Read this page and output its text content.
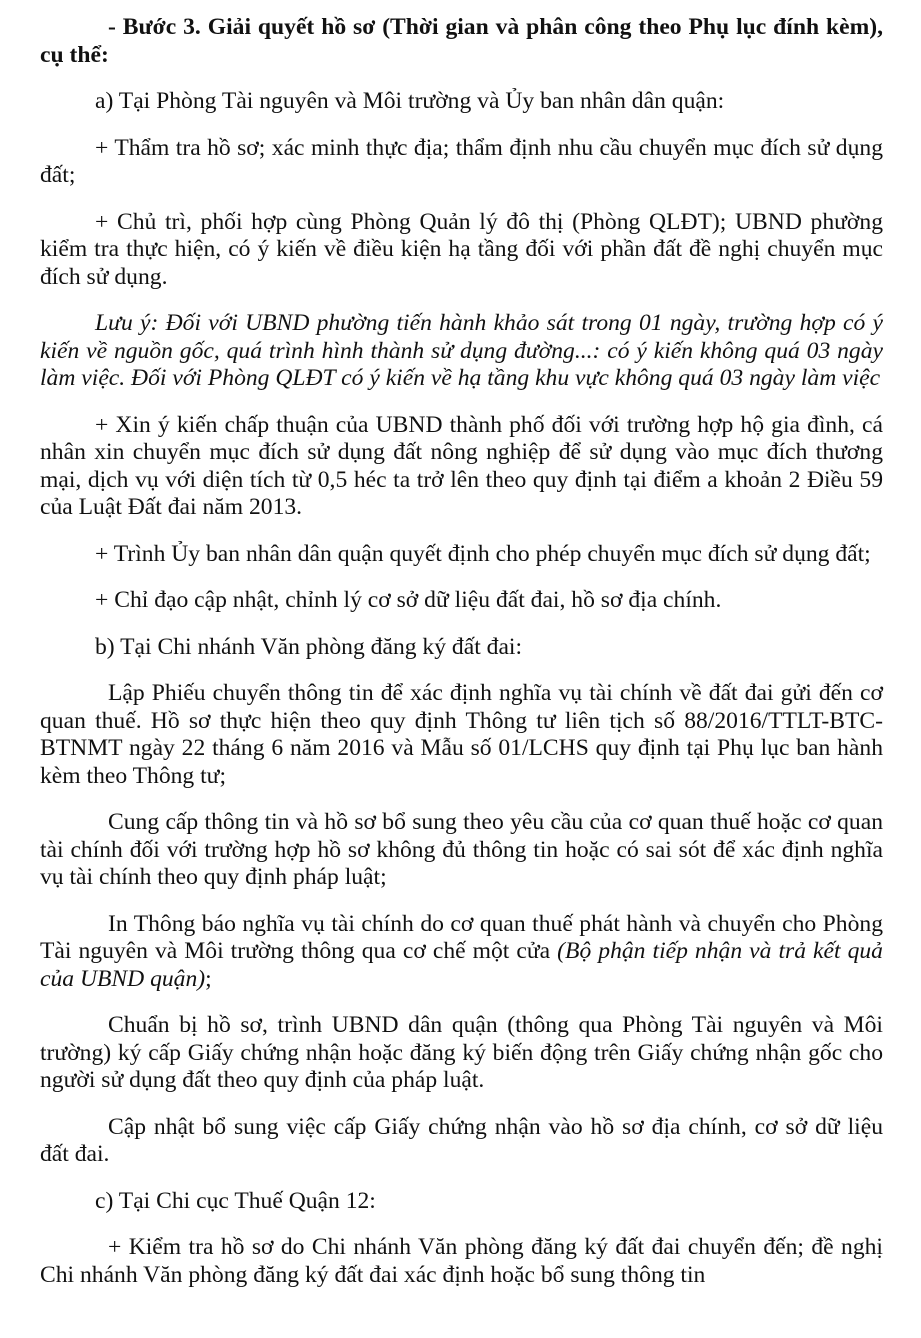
- Bước 3. Giải quyết hồ sơ (Thời gian và phân công theo Phụ lục đính kèm), cụ thể:

a) Tại Phòng Tài nguyên và Môi trường và Ủy ban nhân dân quận:

+ Thẩm tra hồ sơ; xác minh thực địa; thẩm định nhu cầu chuyển mục đích sử dụng đất;

+ Chủ trì, phối hợp cùng Phòng Quản lý đô thị (Phòng QLĐT); UBND phường kiểm tra thực hiện, có ý kiến về điều kiện hạ tầng đối với phần đất đề nghị chuyển mục đích sử dụng.

Lưu ý: Đối với UBND phường tiến hành khảo sát trong 01 ngày, trường hợp có ý kiến về nguồn gốc, quá trình hình thành sử dụng đường...: có ý kiến không quá 03 ngày làm việc. Đối với Phòng QLĐT có ý kiến về hạ tầng khu vực không quá 03 ngày làm việc

+ Xin ý kiến chấp thuận của UBND thành phố đối với trường hợp hộ gia đình, cá nhân xin chuyển mục đích sử dụng đất nông nghiệp để sử dụng vào mục đích thương mại, dịch vụ với diện tích từ 0,5 héc ta trở lên theo quy định tại điểm a khoản 2 Điều 59 của Luật Đất đai năm 2013.

+ Trình Ủy ban nhân dân quận quyết định cho phép chuyển mục đích sử dụng đất;

+ Chỉ đạo cập nhật, chỉnh lý cơ sở dữ liệu đất đai, hồ sơ địa chính.

b) Tại Chi nhánh Văn phòng đăng ký đất đai:

Lập Phiếu chuyển thông tin để xác định nghĩa vụ tài chính về đất đai gửi đến cơ quan thuế. Hồ sơ thực hiện theo quy định Thông tư liên tịch số 88/2016/TTLT-BTC-BTNMT ngày 22 tháng 6 năm 2016 và Mẫu số 01/LCHS quy định tại Phụ lục ban hành kèm theo Thông tư;

Cung cấp thông tin và hồ sơ bổ sung theo yêu cầu của cơ quan thuế hoặc cơ quan tài chính đối với trường hợp hồ sơ không đủ thông tin hoặc có sai sót để xác định nghĩa vụ tài chính theo quy định pháp luật;

In Thông báo nghĩa vụ tài chính do cơ quan thuế phát hành và chuyển cho Phòng Tài nguyên và Môi trường thông qua cơ chế một cửa (Bộ phận tiếp nhận và trả kết quả của UBND quận);

Chuẩn bị hồ sơ, trình UBND dân quận (thông qua Phòng Tài nguyên và Môi trường) ký cấp Giấy chứng nhận hoặc đăng ký biến động trên Giấy chứng nhận gốc cho người sử dụng đất theo quy định của pháp luật.

Cập nhật bổ sung việc cấp Giấy chứng nhận vào hồ sơ địa chính, cơ sở dữ liệu đất đai.

c) Tại Chi cục Thuế Quận 12:

+ Kiểm tra hồ sơ do Chi nhánh Văn phòng đăng ký đất đai chuyển đến; đề nghị Chi nhánh Văn phòng đăng ký đất đai xác định hoặc bổ sung thông tin
